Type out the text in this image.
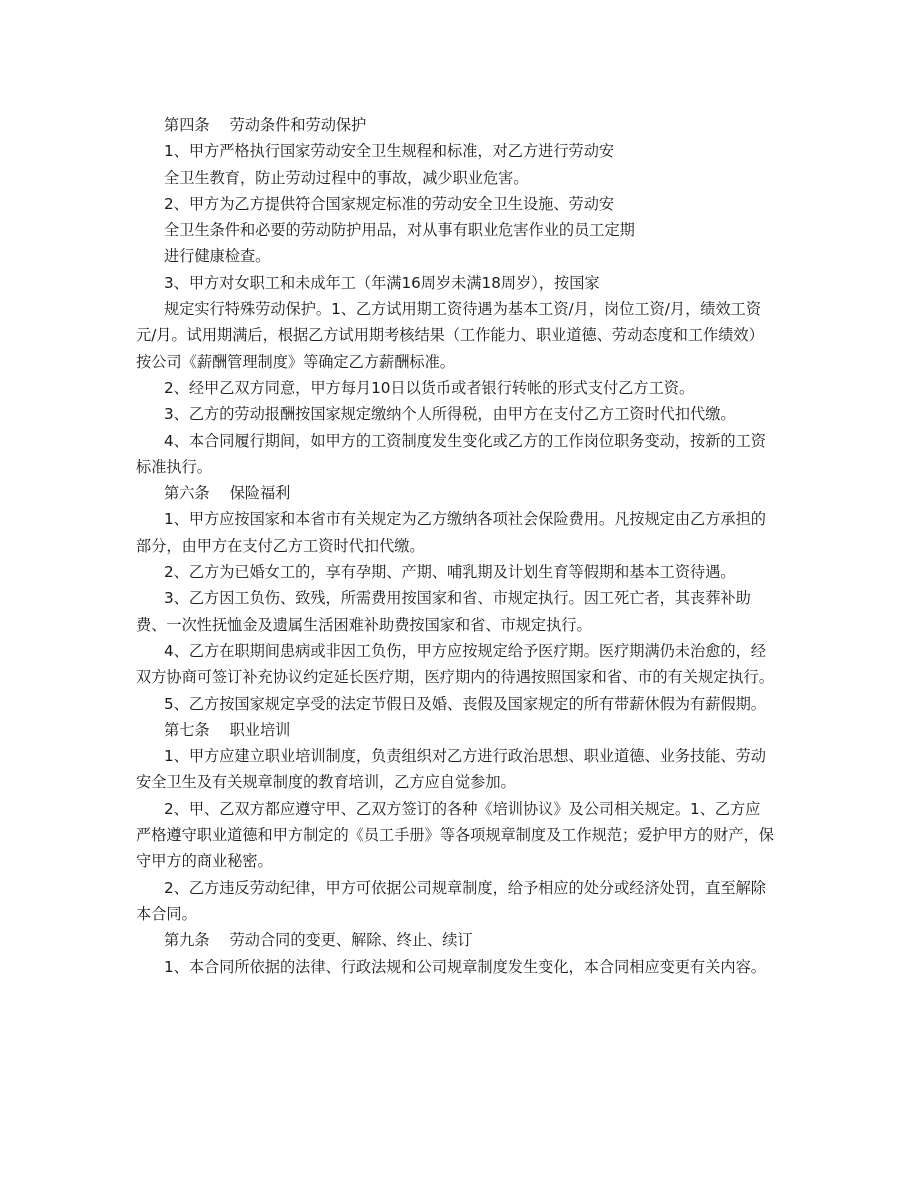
第四条　 劳动条件和劳动保护

1、甲方严格执行国家劳动安全卫生规程和标准，对乙方进行劳动安

全卫生教育，防止劳动过程中的事故，减少职业危害。

2、甲方为乙方提供符合国家规定标准的劳动安全卫生设施、劳动安

全卫生条件和必要的劳动防护用品，对从事有职业危害作业的员工定期

进行健康检查。

3、甲方对女职工和未成年工（年满16周岁未满18周岁），按国家

规定实行特殊劳动保护。1、乙方试用期工资待遇为基本工资/月，岗位工资/月，绩效工资元/月。试用期满后，根据乙方试用期考核结果（工作能力、职业道德、劳动态度和工作绩效）按公司《薪酬管理制度》等确定乙方薪酬标准。

2、经甲乙双方同意，甲方每月10日以货币或者银行转帐的形式支付乙方工资。

3、乙方的劳动报酬按国家规定缴纳个人所得税，由甲方在支付乙方工资时代扣代缴。

4、本合同履行期间，如甲方的工资制度发生变化或乙方的工作岗位职务变动，按新的工资标准执行。

第六条　 保险福利

1、甲方应按国家和本省市有关规定为乙方缴纳各项社会保险费用。凡按规定由乙方承担的部分，由甲方在支付乙方工资时代扣代缴。

2、乙方为已婚女工的，享有孕期、产期、哺乳期及计划生育等假期和基本工资待遇。

3、乙方因工负伤、致残，所需费用按国家和省、市规定执行。因工死亡者，其丧葬补助费、一次性抚恤金及遗属生活困难补助费按国家和省、市规定执行。

4、乙方在职期间患病或非因工负伤，甲方应按规定给予医疗期。医疗期满仍未治愈的，经双方协商可签订补充协议约定延长医疗期，医疗期内的待遇按照国家和省、市的有关规定执行。

5、乙方按国家规定享受的法定节假日及婚、丧假及国家规定的所有带薪休假为有薪假期。

第七条　 职业培训

1、甲方应建立职业培训制度，负责组织对乙方进行政治思想、职业道德、业务技能、劳动安全卫生及有关规章制度的教育培训，乙方应自觉参加。

2、甲、乙双方都应遵守甲、乙双方签订的各种《培训协议》及公司相关规定。1、乙方应严格遵守职业道德和甲方制定的《员工手册》等各项规章制度及工作规范；爱护甲方的财产，保守甲方的商业秘密。

2、乙方违反劳动纪律，甲方可依据公司规章制度，给予相应的处分或经济处罚，直至解除本合同。

第九条　 劳动合同的变更、解除、终止、续订

1、本合同所依据的法律、行政法规和公司规章制度发生变化，本合同相应变更有关内容。
